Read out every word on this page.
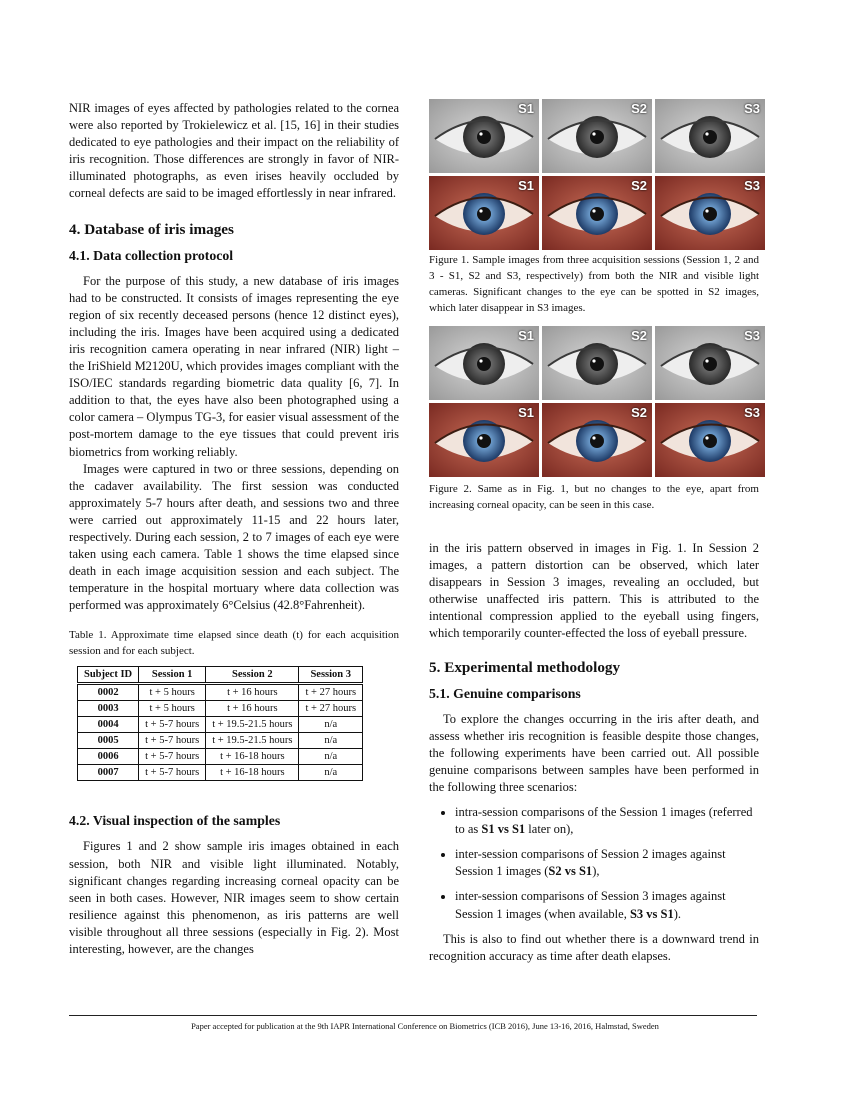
NIR images of eyes affected by pathologies related to the cornea were also reported by Trokielewicz et al. [15, 16] in their studies dedicated to eye pathologies and their impact on the reliability of iris recognition. Those differences are strongly in favor of NIR-illuminated photographs, as even irises heavily occluded by corneal defects are said to be imaged effortlessly in near infrared.

4. Database of iris images
4.1. Data collection protocol

For the purpose of this study, a new database of iris images had to be constructed. It consists of images representing the eye region of six recently deceased persons (hence 12 distinct eyes), including the iris. Images have been acquired using a dedicated iris recognition camera operating in near infrared (NIR) light – the IriShield M2120U, which provides images compliant with the ISO/IEC standards regarding biometric data quality [6, 7]. In addition to that, the eyes have also been photographed using a color camera – Olympus TG-3, for easier visual assessment of the post-mortem damage to the eye tissues that could prevent iris biometrics from working reliably.

Images were captured in two or three sessions, depending on the cadaver availability. The first session was conducted approximately 5-7 hours after death, and sessions two and three were carried out approximately 11-15 and 22 hours later, respectively. During each session, 2 to 7 images of each eye were taken using each camera. Table 1 shows the time elapsed since death in each image acquisition session and each subject. The temperature in the hospital mortuary where data collection was performed was approximately 6°Celsius (42.8°Fahrenheit).

Table 1. Approximate time elapsed since death (t) for each acquisition session and for each subject.
Subject ID	Session 1	Session 2	Session 3
0002	t + 5 hours	t + 16 hours	t + 27 hours
0003	t + 5 hours	t + 16 hours	t + 27 hours
0004	t + 5-7 hours	t + 19.5-21.5 hours	n/a
0005	t + 5-7 hours	t + 19.5-21.5 hours	n/a
0006	t + 5-7 hours	t + 16-18 hours	n/a
0007	t + 5-7 hours	t + 16-18 hours	n/a
4.2. Visual inspection of the samples

Figures 1 and 2 show sample iris images obtained in each session, both NIR and visible light illuminated. Notably, significant changes regarding increasing corneal opacity can be seen in both cases. However, NIR images seem to show certain resilience against this phenomenon, as iris patterns are well visible throughout all three sessions (especially in Fig. 2). Most interesting, however, are the changes

S1	S2	S3
S1	S2	S3
Figure 1. Sample images from three acquisition sessions (Session 1, 2 and 3 - S1, S2 and S3, respectively) from both the NIR and visible light cameras. Significant changes to the eye can be spotted in S2 images, which later disappear in S3 images.
S1	S2	S3
S1	S2	S3
Figure 2. Same as in Fig. 1, but no changes to the eye, apart from increasing corneal opacity, can be seen in this case.

in the iris pattern observed in images in Fig. 1. In Session 2 images, a pattern distortion can be observed, which later disappears in Session 3 images, revealing an occluded, but otherwise unaffected iris pattern. This is attributed to the intentional compression applied to the eyeball using fingers, which temporarily counter-effected the loss of eyeball pressure.

5. Experimental methodology
5.1. Genuine comparisons

To explore the changes occurring in the iris after death, and assess whether iris recognition is feasible despite those changes, the following experiments have been carried out. All possible genuine comparisons between samples have been performed in the following three scenarios:

• intra-session comparisons of the Session 1 images (referred to as S1 vs S1 later on),
• inter-session comparisons of Session 2 images against Session 1 images (S2 vs S1),
• inter-session comparisons of Session 3 images against Session 1 images (when available, S3 vs S1).

This is also to find out whether there is a downward trend in recognition accuracy as time after death elapses.

Paper accepted for publication at the 9th IAPR International Conference on Biometrics (ICB 2016), June 13-16, 2016, Halmstad, Sweden
